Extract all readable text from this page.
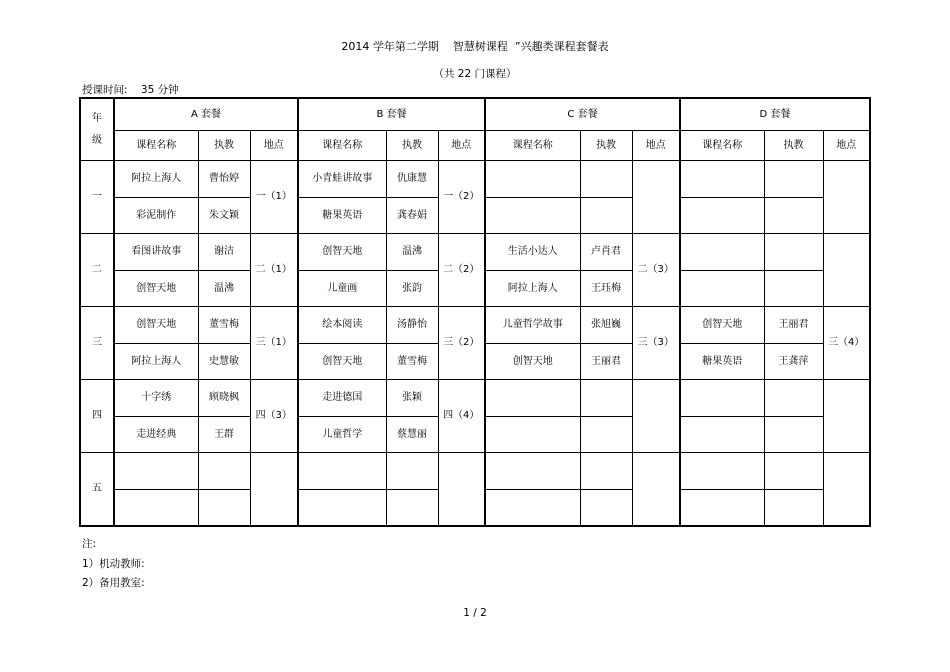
2014 学年第二学期    智慧树课程  ”兴趣类课程套餐表
（共 22 门课程）
授课时间:    35 分钟
年
级	A 套餐			B 套餐			C 套餐			D 套餐		
	课程名称	执教	地点	课程名称	执教	地点	课程名称	执教	地点	课程名称	执教	地点
一	阿拉上海人	曹怡婷	一（1）	小青蛙讲故事	仇康慧	一（2）						
	彩泥制作	朱文颖		糖果英语	龚春娟							
二	看图讲故事	谢洁	二（1）	创智天地	温沸	二（2）	生活小达人	卢肖君	二（3）			
	创智天地	温沸		儿童画	张韵		阿拉上海人	王珏梅				
三	创智天地	董雪梅	三（1）	绘本阅读	汤静怡	三（2）	儿童哲学故事	张旭巍	三（3）	创智天地	王丽君	三（4）
	阿拉上海人	史慧敏		创智天地	董雪梅		创智天地	王丽君		糖果英语	王龚萍	
四	十字绣	顾晓枫	四（3）	走进德国	张颖	四（4）						
	走进经典	王群		儿童哲学	蔡慧丽							
五												

注:
1）机动教师:
2）备用教室:
1 / 2
